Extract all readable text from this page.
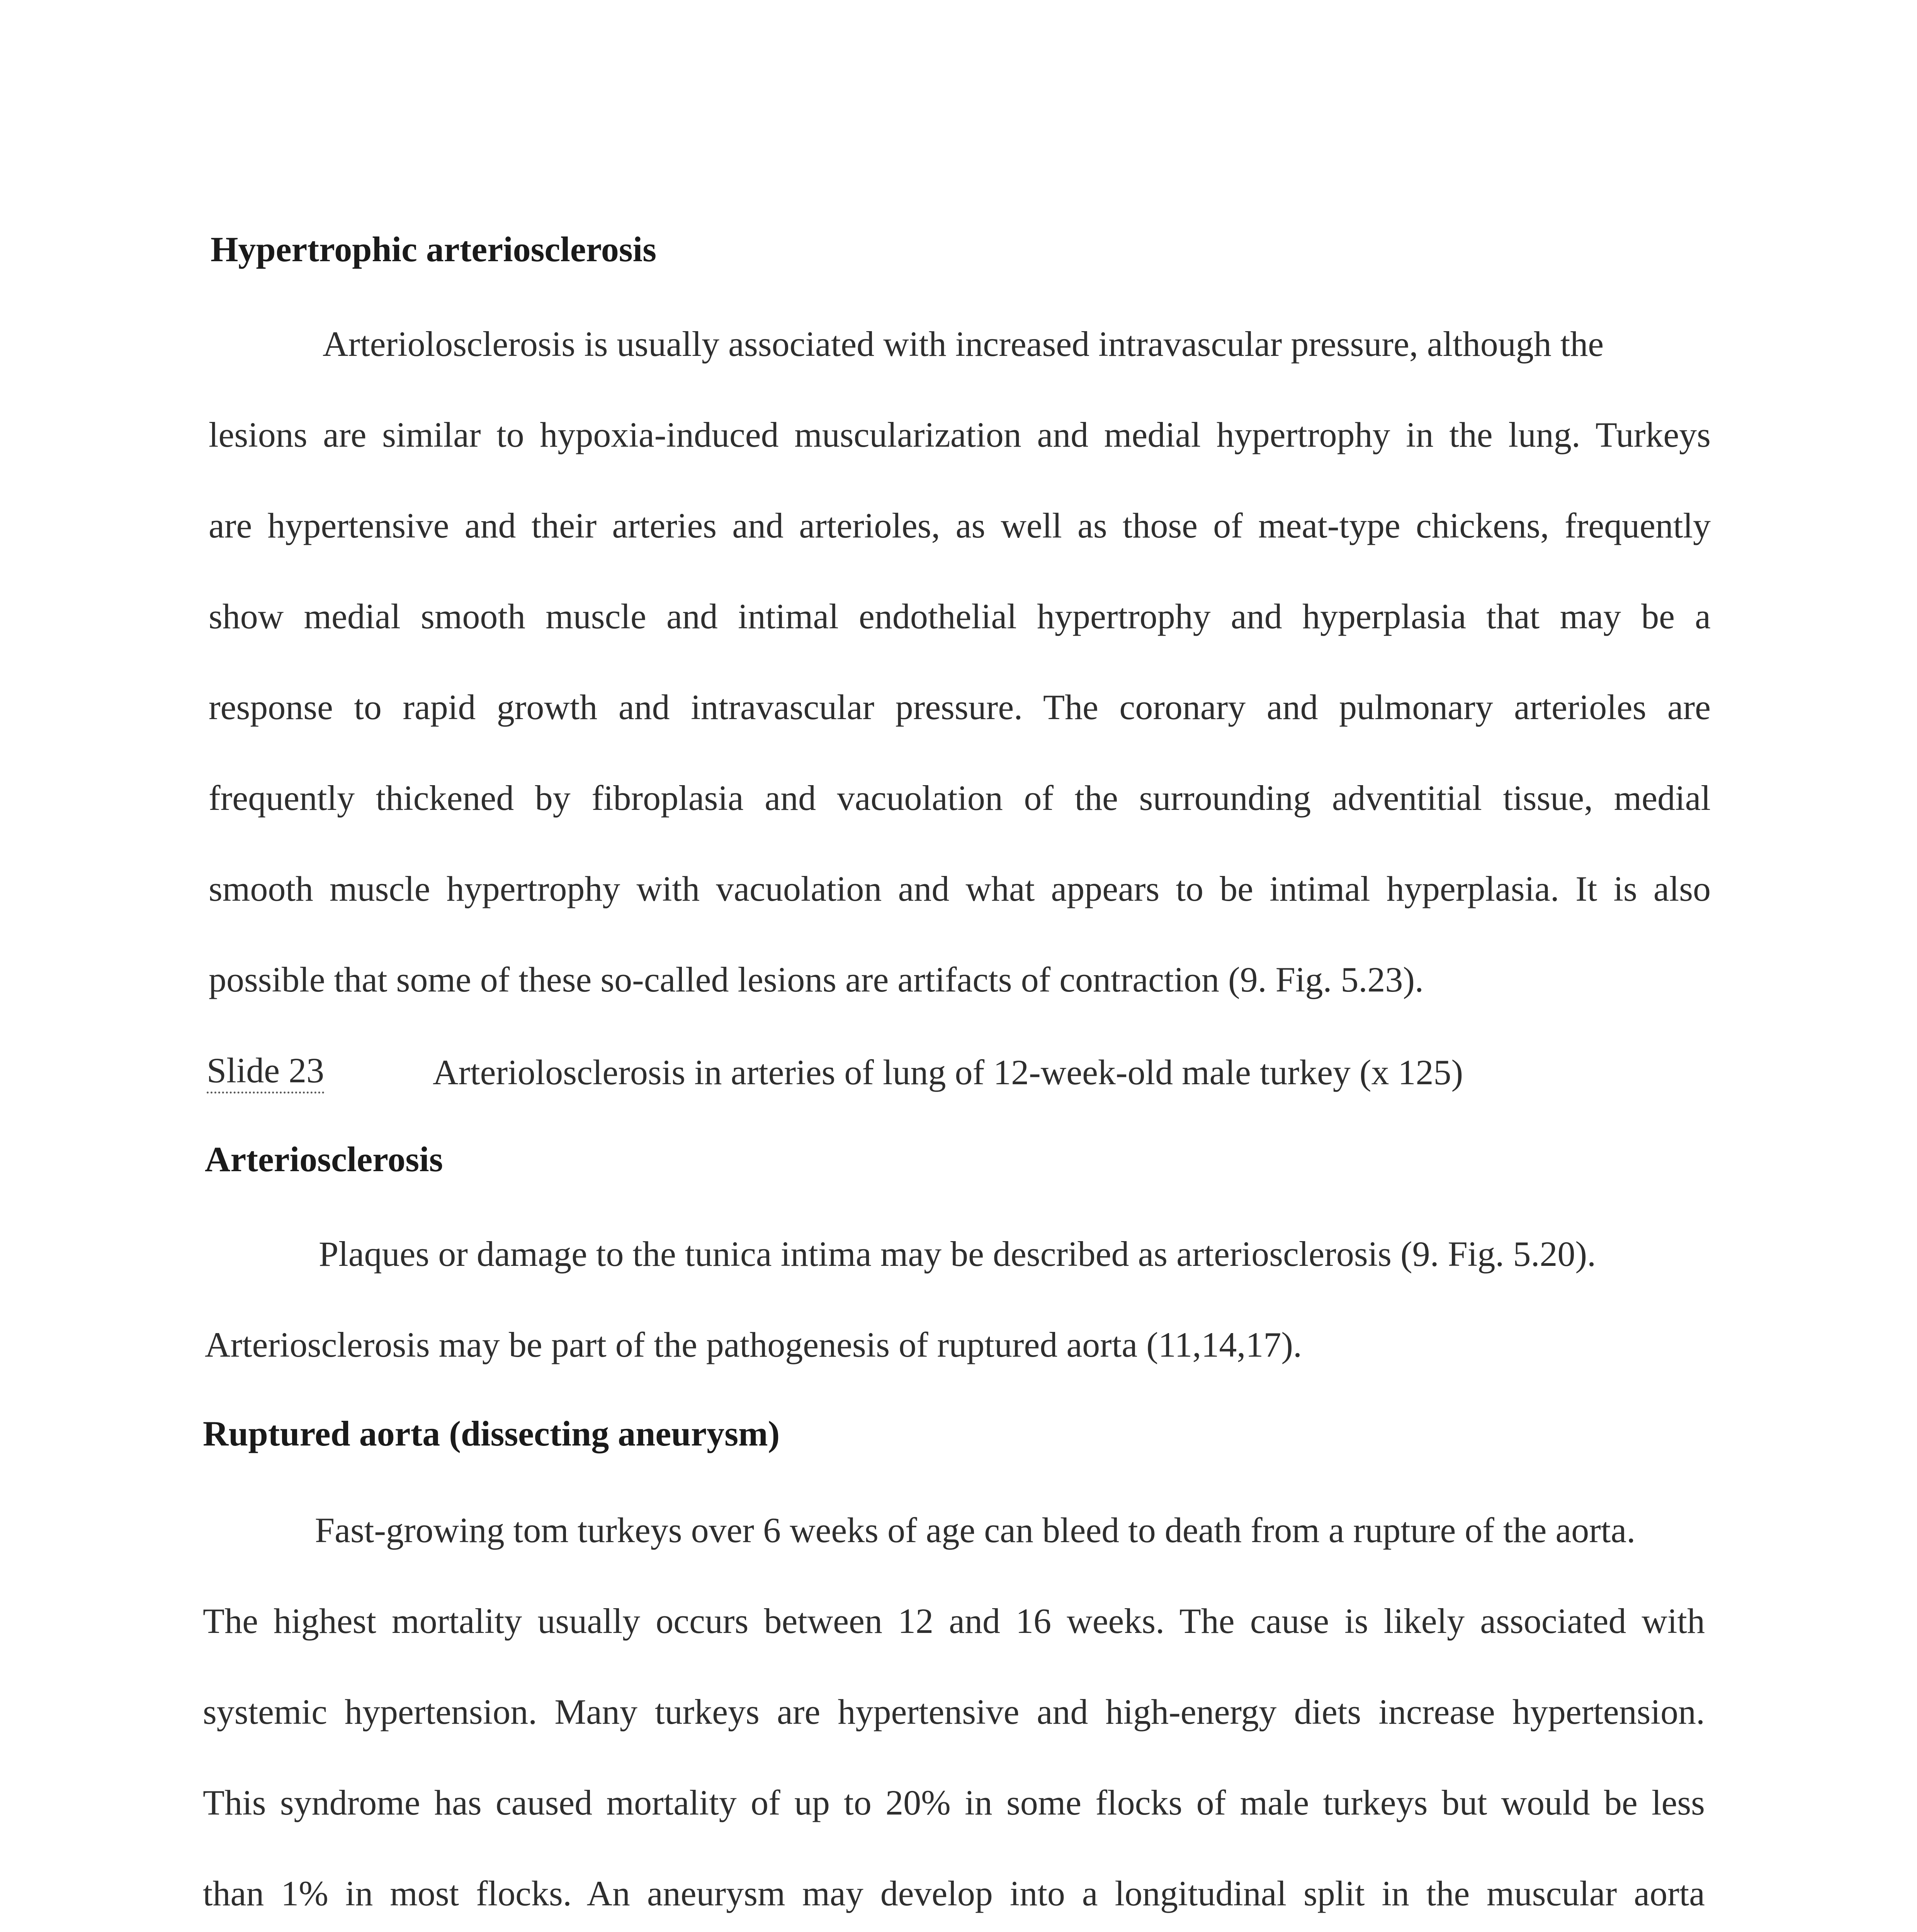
Hypertrophic arteriosclerosis
Arteriolosclerosis is usually associated with increased intravascular pressure, although the
lesions are similar to hypoxia-induced muscularization and medial hypertrophy in the lung. Turkeys
are hypertensive and their arteries and arterioles, as well as those of meat-type chickens, frequently
show medial smooth muscle and intimal endothelial hypertrophy and hyperplasia that may be a
response to rapid growth and intravascular pressure. The coronary and pulmonary arterioles are
frequently thickened by fibroplasia and vacuolation of the surrounding adventitial tissue, medial
smooth muscle hypertrophy with vacuolation and what appears to be intimal hyperplasia. It is also
possible that some of these so-called lesions are artifacts of contraction (9. Fig. 5.23).
Slide 23	Arteriolosclerosis in arteries of lung of 12-week-old male turkey (x 125)
Arteriosclerosis
Plaques or damage to the tunica intima may be described as arteriosclerosis (9. Fig. 5.20).
Arteriosclerosis may be part of the pathogenesis of ruptured aorta (11,14,17).
Ruptured aorta (dissecting aneurysm)
Fast-growing tom turkeys over 6 weeks of age can bleed to death from a rupture of the aorta.
The highest mortality usually occurs between 12 and 16 weeks. The cause is likely associated with
systemic hypertension. Many turkeys are hypertensive and high-energy diets increase hypertension.
This syndrome has caused mortality of up to 20% in some flocks of male turkeys but would be less
than 1% in most flocks. An aneurysm may develop into a longitudinal split in the muscular aorta
